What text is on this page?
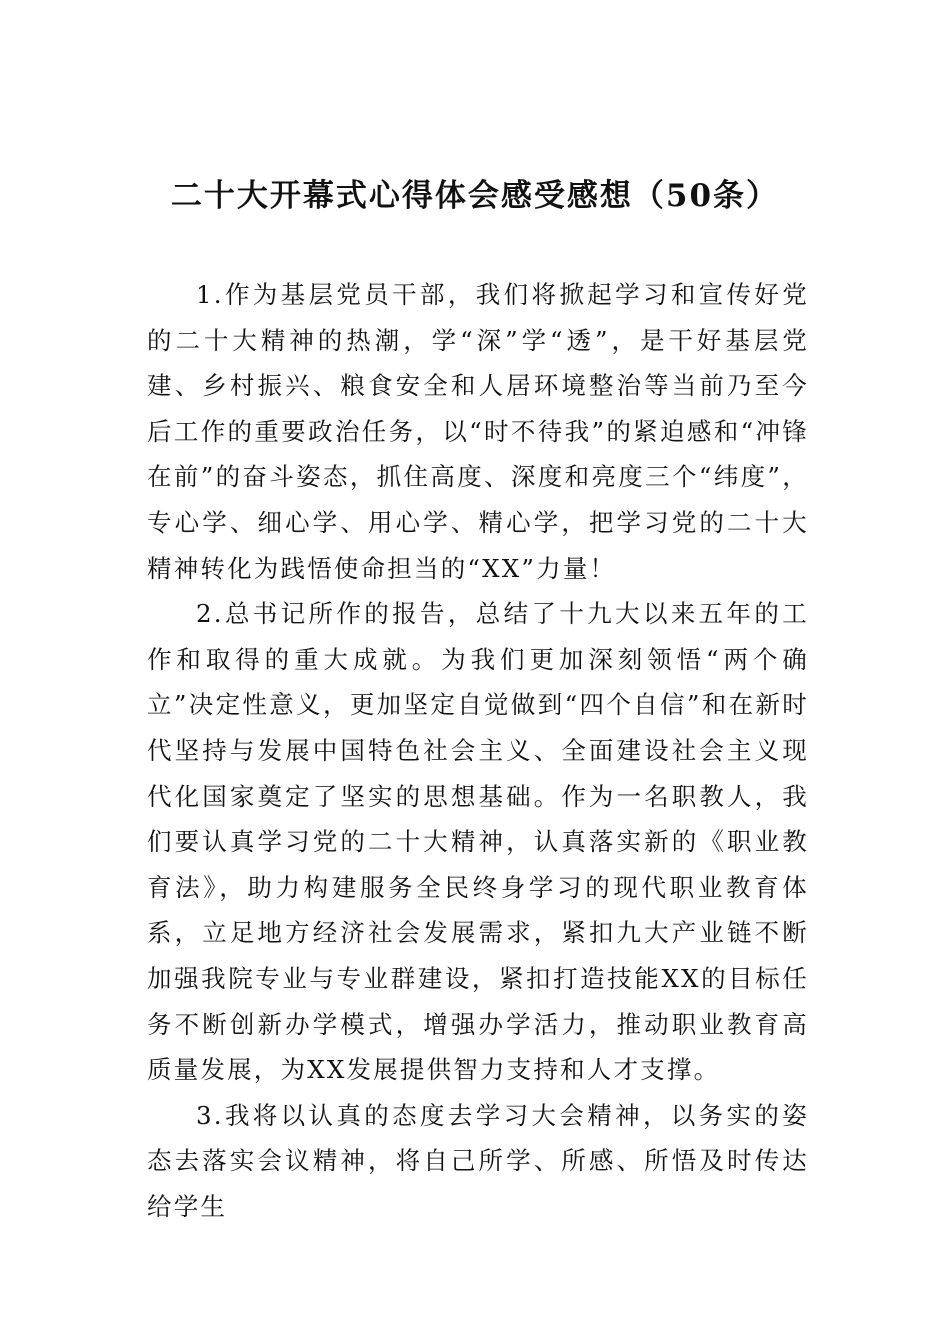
二十大开幕式心得体会感受感想（50条）

1.作为基层党员干部，我们将掀起学习和宣传好党的二十大精神的热潮，学“深”学“透”，是干好基层党建、乡村振兴、粮食安全和人居环境整治等当前乃至今后工作的重要政治任务，以“时不待我”的紧迫感和“冲锋在前”的奋斗姿态，抓住高度、深度和亮度三个“纬度”，专心学、细心学、用心学、精心学，把学习党的二十大精神转化为践悟使命担当的“XX”力量！

2.总书记所作的报告，总结了十九大以来五年的工作和取得的重大成就。为我们更加深刻领悟“两个确立”决定性意义，更加坚定自觉做到“四个自信”和在新时代坚持与发展中国特色社会主义、全面建设社会主义现代化国家奠定了坚实的思想基础。作为一名职教人，我们要认真学习党的二十大精神，认真落实新的《职业教育法》，助力构建服务全民终身学习的现代职业教育体系，立足地方经济社会发展需求，紧扣九大产业链不断加强我院专业与专业群建设，紧扣打造技能XX的目标任务不断创新办学模式，增强办学活力，推动职业教育高质量发展，为XX发展提供智力支持和人才支撑。

3.我将以认真的态度去学习大会精神，以务实的姿态去落实会议精神，将自己所学、所感、所悟及时传达给学生
